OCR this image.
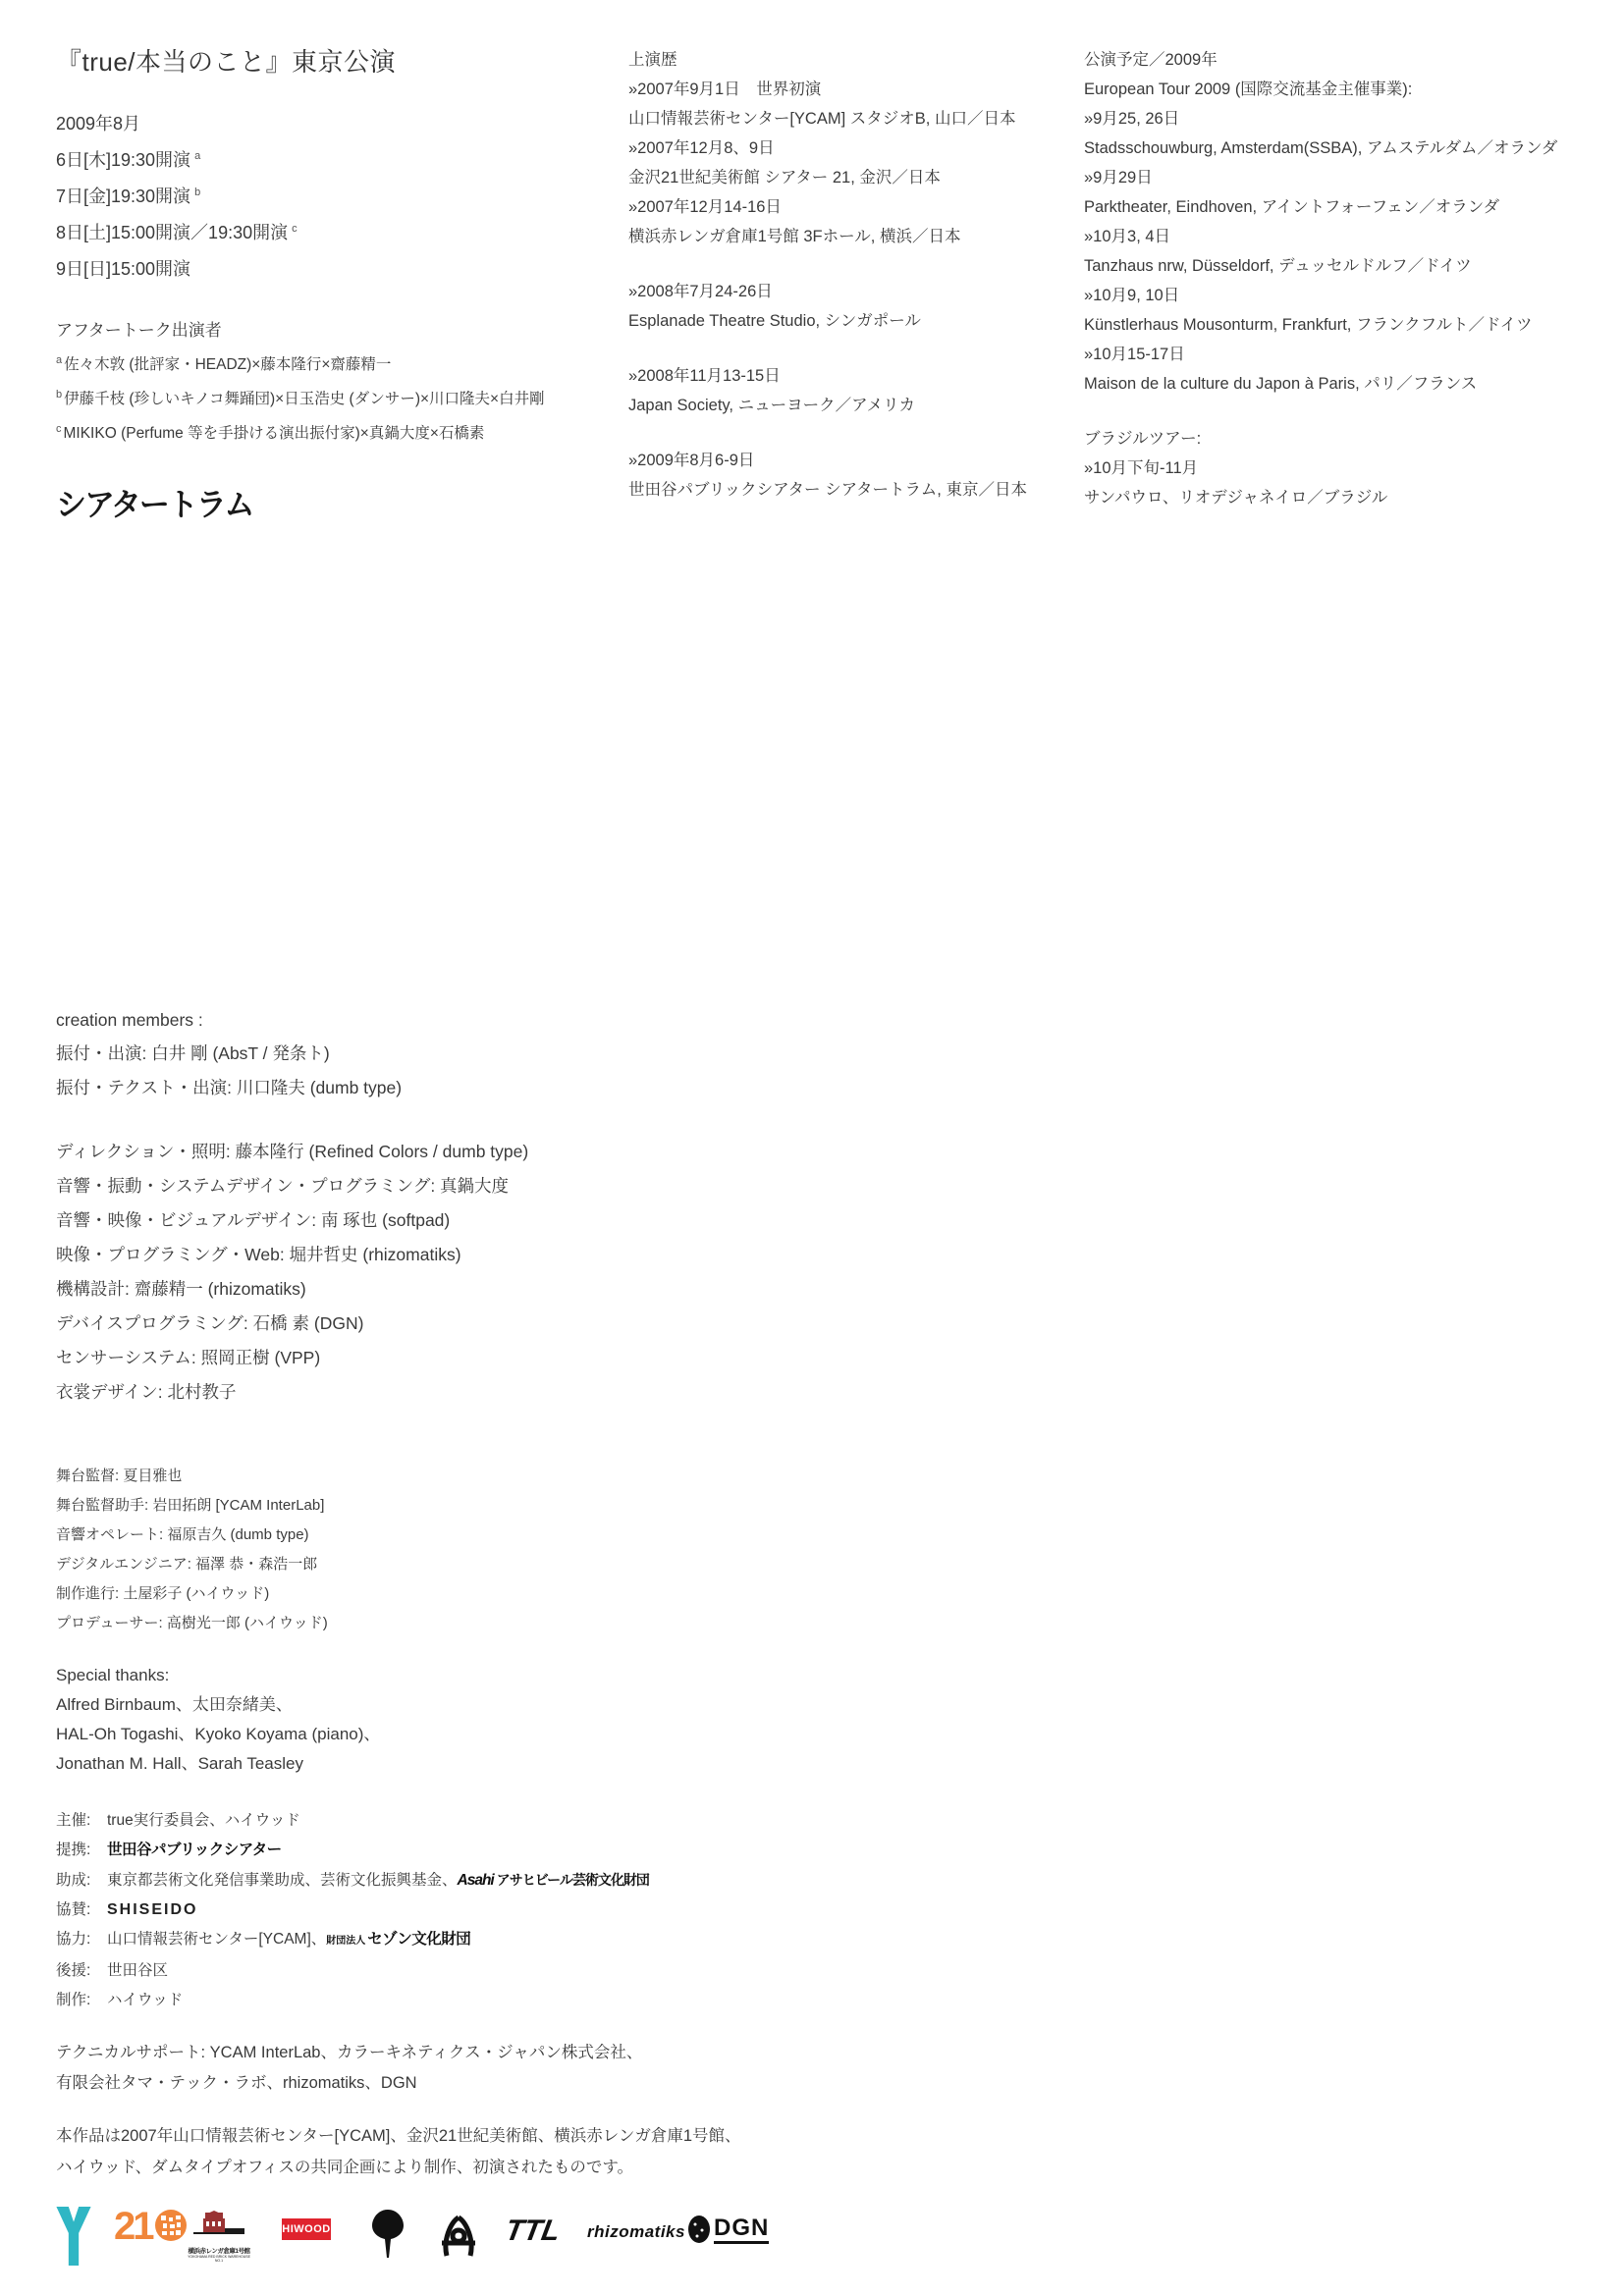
『true/本当のこと』東京公演
2009年8月
6日[木]19:30開演 $^a$
7日[金]19:30開演 $^b$
8日[土]15:00開演／19:30開演 $^c$
9日[日]15:00開演
アフタートーク出演者
$^a$ 佐々木敦 (批評家・HEADZ)×藤本隆行×齋藤精一
$^b$ 伊藤千枝 (珍しいキノコ舞踊団)×日玉浩史 (ダンサー)×川口隆夫×白井剛
$^c$ MIKIKO (Perfume 等を手掛ける演出振付家)×真鍋大度×石橋素
シアタートラム
上演歴
»2007年9月1日　世界初演
山口情報芸術センター[YCAM] スタジオB, 山口／日本
»2007年12月8、9日
金沢21世紀美術館 シアター 21, 金沢／日本
»2007年12月14-16日
横浜赤レンガ倉庫1号館 3Fホール, 横浜／日本
»2008年7月24-26日
Esplanade Theatre Studio, シンガポール
»2008年11月13-15日
Japan Society, ニューヨーク／アメリカ
»2009年8月6-9日
世田谷パブリックシアター シアタートラム, 東京／日本
公演予定／2009年
European Tour 2009 (国際交流基金主催事業):
»9月25, 26日
Stadsschouwburg, Amsterdam(SSBA), アムステルダム／オランダ
»9月29日
Parktheater, Eindhoven, アイントフォーフェン／オランダ
»10月3, 4日
Tanzhaus nrw, Düsseldorf, デュッセルドルフ／ドイツ
»10月9, 10日
Künstlerhaus Mousonturm, Frankfurt, フランクフルト／ドイツ
»10月15-17日
Maison de la culture du Japon à Paris, パリ／フランス
ブラジルツアー:
»10月下旬-11月
サンパウロ、リオデジャネイロ／ブラジル
creation members :
振付・出演: 白井 剛 (AbsT / 発条ト)
振付・テクスト・出演: 川口隆夫 (dumb type)
ディレクション・照明: 藤本隆行 (Refined Colors / dumb type)
音響・振動・システムデザイン・プログラミング: 真鍋大度
音響・映像・ビジュアルデザイン: 南 琢也 (softpad)
映像・プログラミング・Web: 堀井哲史 (rhizomatiks)
機構設計: 齋藤精一 (rhizomatiks)
デバイスプログラミング: 石橋 素 (DGN)
センサーシステム: 照岡正樹 (VPP)
衣裳デザイン: 北村教子
舞台監督: 夏目雅也
舞台監督助手: 岩田拓朗 [YCAM InterLab]
音響オペレート: 福原吉久 (dumb type)
デジタルエンジニア: 福澤 恭・森浩一郎
制作進行: 土屋彩子 (ハイウッド)
プロデューサー: 高樹光一郎 (ハイウッド)
Special thanks:
Alfred Birnbaum、太田奈緒美、
HAL-Oh Togashi、Kyoko Koyama (piano)、
Jonathan M. Hall、Sarah Teasley
主催: true実行委員会、ハイウッド
提携: 世田谷パブリックシアター
助成: 東京都芸術文化発信事業助成、芸術文化振興基金、Asahi アサヒビール芸術文化財団
協賛: SHISEIDO
協力: 山口情報芸術センター[YCAM]、財団法人 セゾン文化財団
後援: 世田谷区
制作: ハイウッド
テクニカルサポート: YCAM InterLab、カラーキネティクス・ジャパン株式会社、
有限会社タマ・テック・ラボ、rhizomatiks、DGN
本作品は2007年山口情報芸術センター[YCAM]、金沢21世紀美術館、横浜赤レンガ倉庫1号館、
ハイウッド、ダムタイプオフィスの共同企画により制作、初演されたものです。
21
横浜赤レンガ倉庫1号館
YOKOHAMA RED BRICK WAREHOUSE NO.1
HIWOOD	TTL rhizomatiks DGN
